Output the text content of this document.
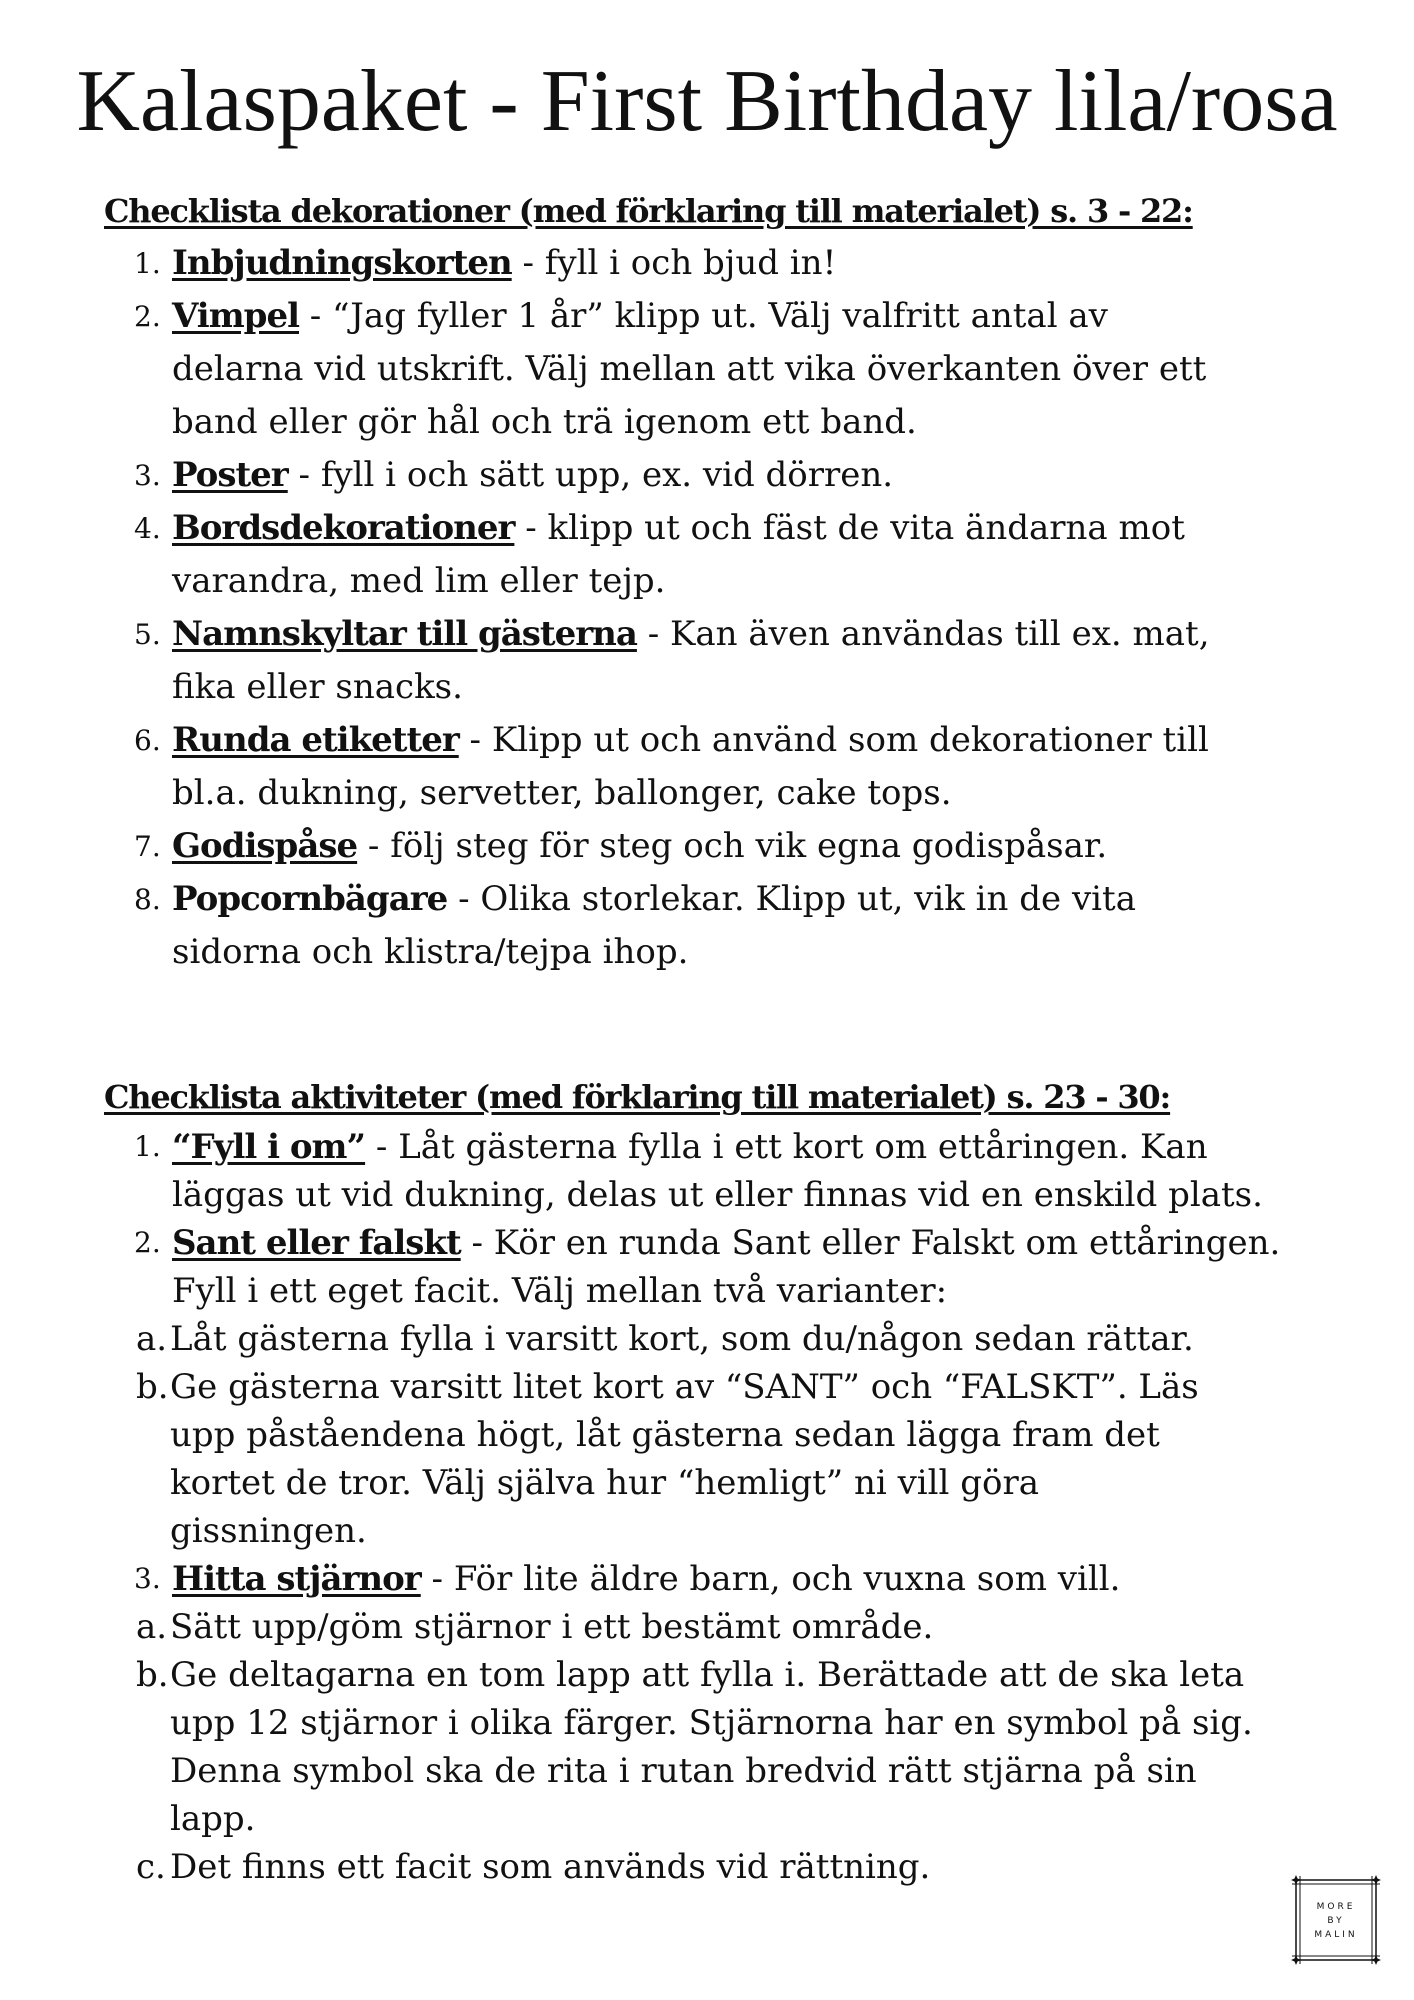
Kalaspaket - First Birthday lila/rosa

Checklista dekorationer (med förklaring till materialet) s. 3 - 22:

1. Inbjudningskorten - fyll i och bjud in!
2. Vimpel - “Jag fyller 1 år” klipp ut. Välj valfritt antal av
delarna vid utskrift. Välj mellan att vika överkanten över ett
band eller gör hål och trä igenom ett band.
3. Poster - fyll i och sätt upp, ex. vid dörren.
4. Bordsdekorationer - klipp ut och fäst de vita ändarna mot
varandra, med lim eller tejp.
5. Namnskyltar till gästerna - Kan även användas till ex. mat,
fika eller snacks.
6. Runda etiketter - Klipp ut och använd som dekorationer till
bl.a. dukning, servetter, ballonger, cake tops.
7. Godispåse - följ steg för steg och vik egna godispåsar.
8. Popcornbägare - Olika storlekar. Klipp ut, vik in de vita
sidorna och klistra/tejpa ihop.

Checklista aktiviteter (med förklaring till materialet) s. 23 - 30:

1. “Fyll i om” - Låt gästerna fylla i ett kort om ettåringen. Kan
läggas ut vid dukning, delas ut eller finnas vid en enskild plats.
2. Sant eller falskt - Kör en runda Sant eller Falskt om ettåringen.
Fyll i ett eget facit. Välj mellan två varianter:
a. Låt gästerna fylla i varsitt kort, som du/någon sedan rättar.
b. Ge gästerna varsitt litet kort av “SANT” och “FALSKT”. Läs
upp påståendena högt, låt gästerna sedan lägga fram det
kortet de tror. Välj själva hur “hemligt” ni vill göra
gissningen.
3. Hitta stjärnor - För lite äldre barn, och vuxna som vill.
a. Sätt upp/göm stjärnor i ett bestämt område.
b. Ge deltagarna en tom lapp att fylla i. Berättade att de ska leta
upp 12 stjärnor i olika färger. Stjärnorna har en symbol på sig.
Denna symbol ska de rita i rutan bredvid rätt stjärna på sin
lapp.
c. Det finns ett facit som används vid rättning.
MORE
BY
MALIN
